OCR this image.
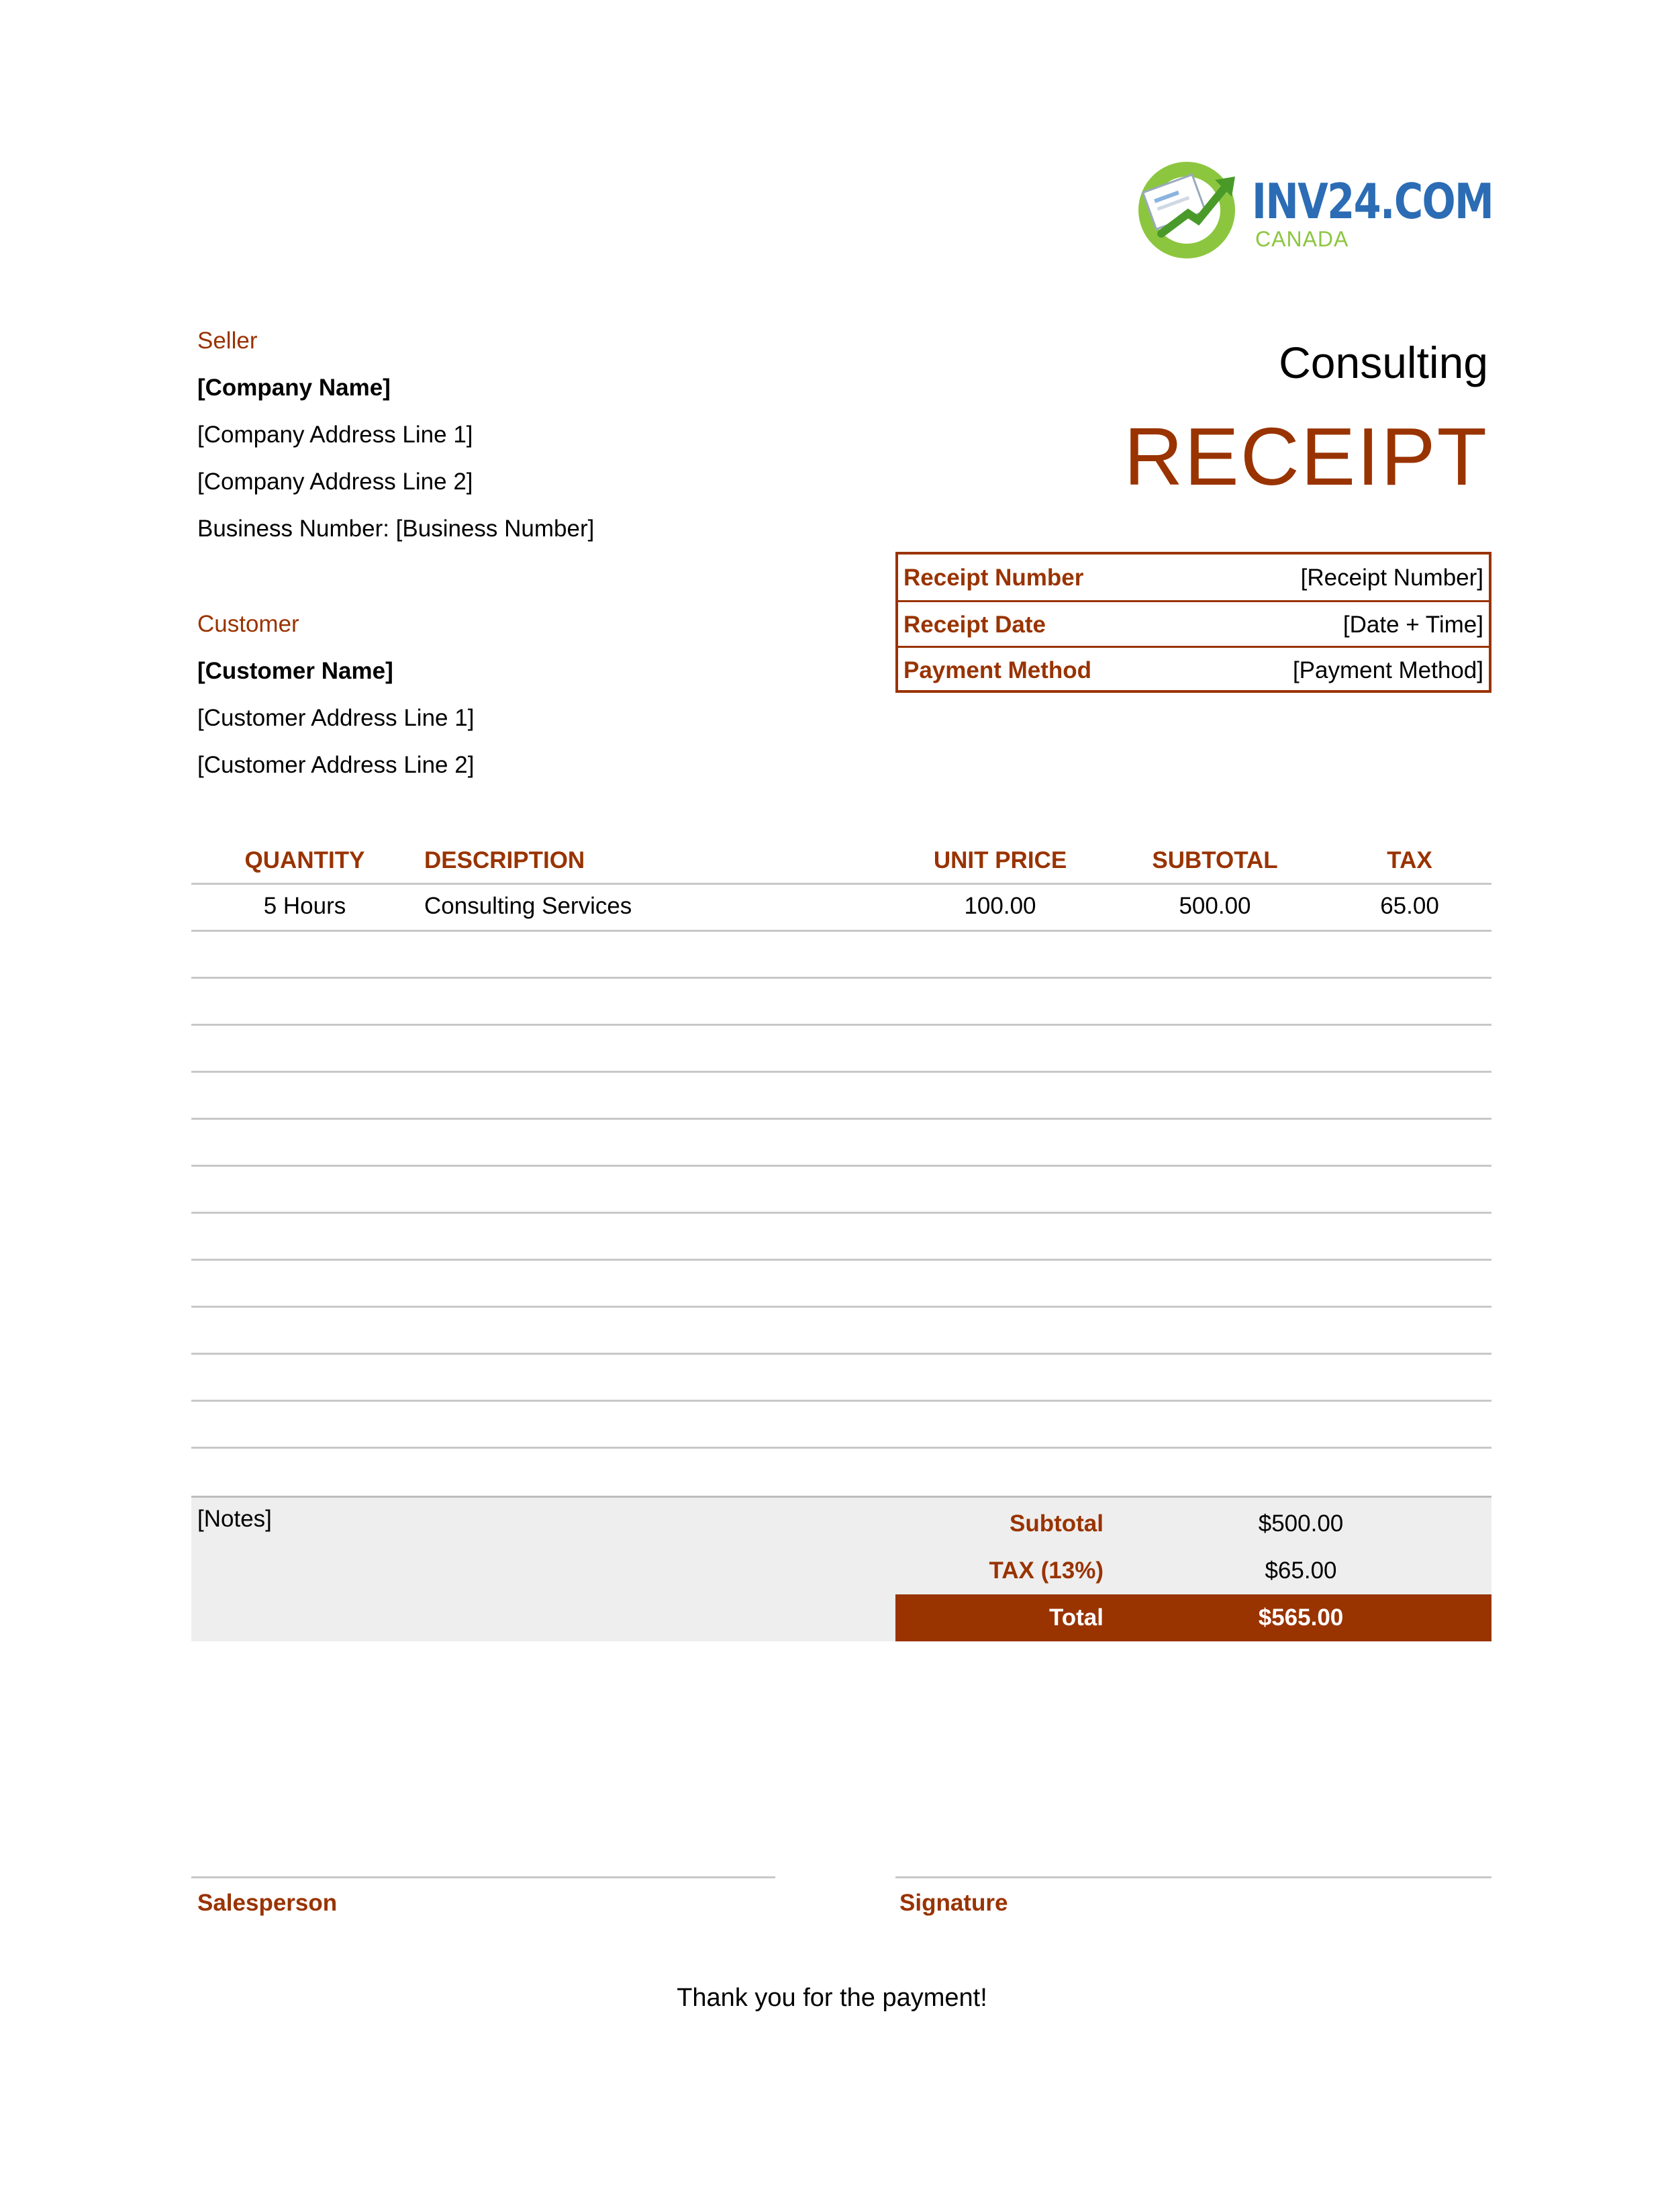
INV24.COM
CANADA
Seller
[Company Name]
[Company Address Line 1]
[Company Address Line 2]
Business Number: [Business Number]
Customer
[Customer Name]
[Customer Address Line 1]
[Customer Address Line 2]
Consulting
RECEIPT
Receipt Number	[Receipt Number]
Receipt Date	[Date + Time]
Payment Method	[Payment Method]
QUANTITY	DESCRIPTION	UNIT PRICE	SUBTOTAL	TAX
5 Hours	Consulting Services	100.00	500.00	65.00
[Notes]	Subtotal	$500.00
TAX (13%)	$65.00
Total	$565.00
Salesperson	Signature
Thank you for the payment!
